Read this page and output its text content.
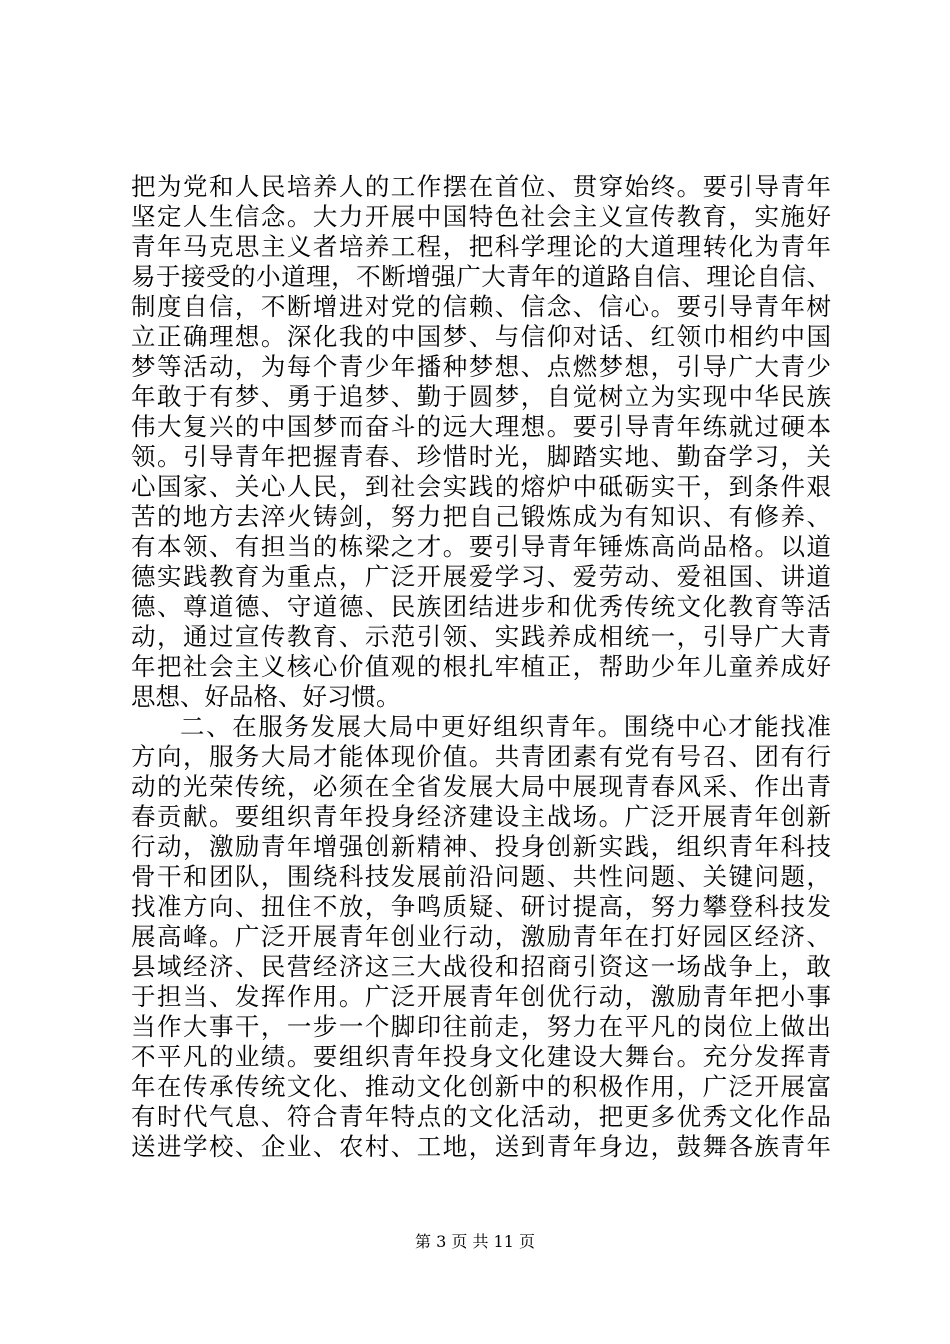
把为党和人民培养人的工作摆在首位、贯穿始终。要引导青年
坚定人生信念。大力开展中国特色社会主义宣传教育，实施好
青年马克思主义者培养工程，把科学理论的大道理转化为青年
易于接受的小道理，不断增强广大青年的道路自信、理论自信、
制度自信，不断增进对党的信赖、信念、信心。要引导青年树
立正确理想。深化我的中国梦、与信仰对话、红领巾相约中国
梦等活动，为每个青少年播种梦想、点燃梦想，引导广大青少
年敢于有梦、勇于追梦、勤于圆梦，自觉树立为实现中华民族
伟大复兴的中国梦而奋斗的远大理想。要引导青年练就过硬本
领。引导青年把握青春、珍惜时光，脚踏实地、勤奋学习，关
心国家、关心人民，到社会实践的熔炉中砥砺实干，到条件艰
苦的地方去淬火铸剑，努力把自己锻炼成为有知识、有修养、
有本领、有担当的栋梁之才。要引导青年锤炼高尚品格。以道
德实践教育为重点，广泛开展爱学习、爱劳动、爱祖国、讲道
德、尊道德、守道德、民族团结进步和优秀传统文化教育等活
动，通过宣传教育、示范引领、实践养成相统一，引导广大青
年把社会主义核心价值观的根扎牢植正，帮助少年儿童养成好
思想、好品格、好习惯。
二、在服务发展大局中更好组织青年。围绕中心才能找准
方向，服务大局才能体现价值。共青团素有党有号召、团有行
动的光荣传统，必须在全省发展大局中展现青春风采、作出青
春贡献。要组织青年投身经济建设主战场。广泛开展青年创新
行动，激励青年增强创新精神、投身创新实践，组织青年科技
骨干和团队，围绕科技发展前沿问题、共性问题、关键问题，
找准方向、扭住不放，争鸣质疑、研讨提高，努力攀登科技发
展高峰。广泛开展青年创业行动，激励青年在打好园区经济、
县域经济、民营经济这三大战役和招商引资这一场战争上，敢
于担当、发挥作用。广泛开展青年创优行动，激励青年把小事
当作大事干，一步一个脚印往前走，努力在平凡的岗位上做出
不平凡的业绩。要组织青年投身文化建设大舞台。充分发挥青
年在传承传统文化、推动文化创新中的积极作用，广泛开展富
有时代气息、符合青年特点的文化活动，把更多优秀文化作品
送进学校、企业、农村、工地，送到青年身边，鼓舞各族青年
第 3 页 共 11 页
